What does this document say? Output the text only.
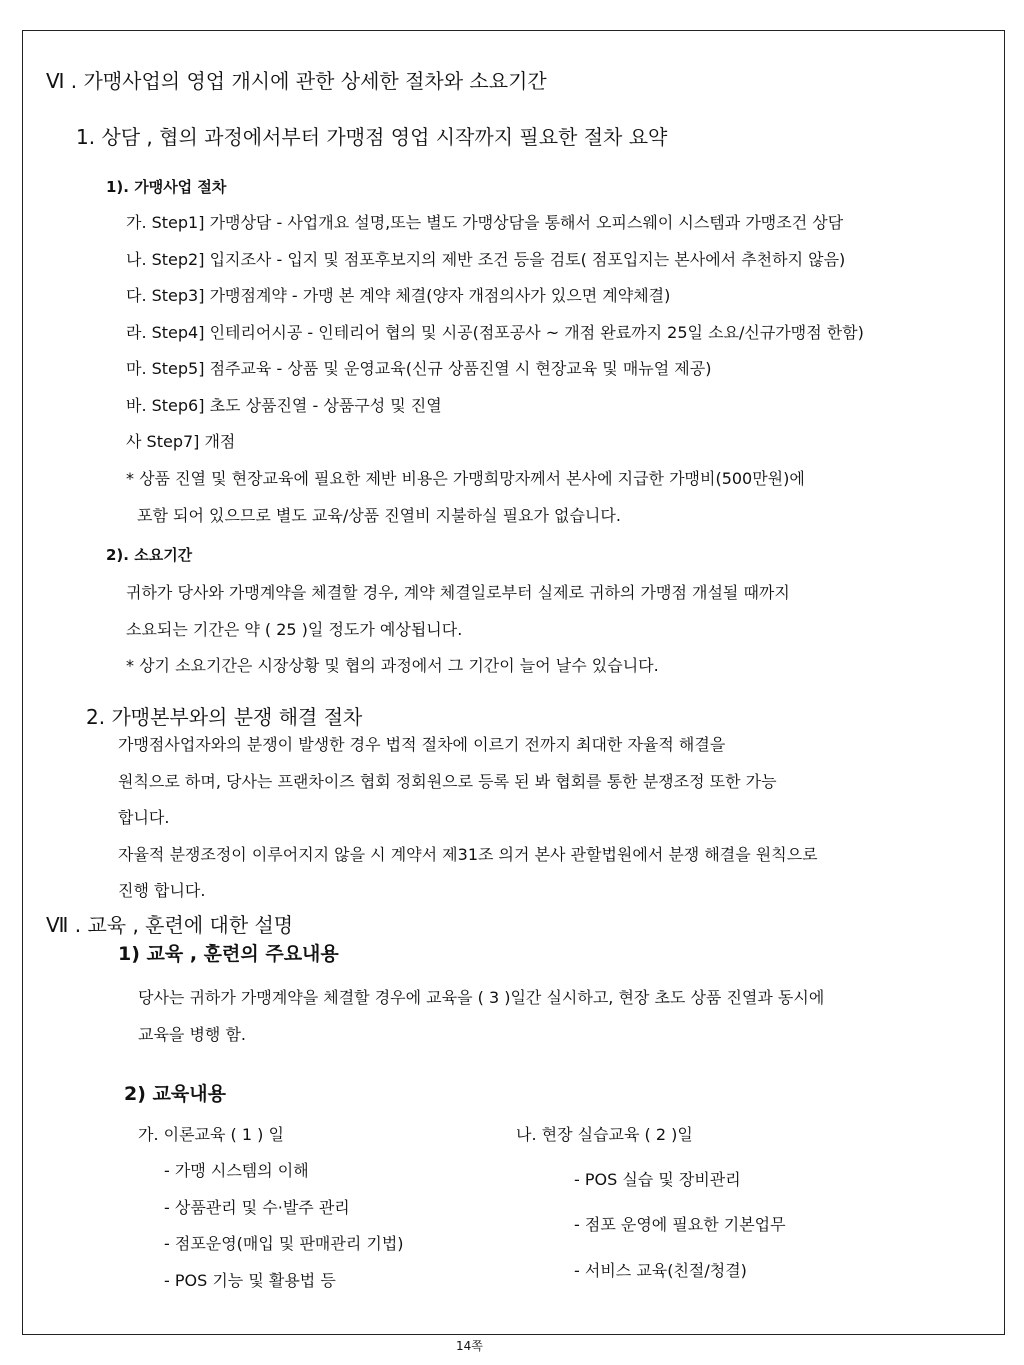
Ⅵ . 가맹사업의 영업 개시에 관한 상세한 절차와 소요기간
1. 상담 , 협의 과정에서부터 가맹점 영업 시작까지 필요한 절차 요약
1). 가맹사업 절차
가. Step1] 가맹상담 - 사업개요 설명,또는 별도 가맹상담을 통해서 오피스웨이 시스템과 가맹조건 상담
나. Step2] 입지조사 - 입지 및 점포후보지의 제반 조건 등을 검토( 점포입지는 본사에서 추천하지 않음)
다. Step3] 가맹점계약 - 가맹 본 계약 체결(양자 개점의사가 있으면 계약체결)
라. Step4] 인테리어시공 - 인테리어 협의 및 시공(점포공사 ~ 개점 완료까지 25일 소요/신규가맹점 한함)
마. Step5] 점주교육 - 상품 및 운영교육(신규 상품진열 시 현장교육 및 매뉴얼 제공)
바. Step6] 초도 상품진열 - 상품구성 및 진열
사 Step7] 개점
* 상품 진열 및 현장교육에 필요한 제반 비용은 가맹희망자께서 본사에 지급한 가맹비(500만원)에
포함 되어 있으므로 별도 교육/상품 진열비 지불하실 필요가 없습니다.
2). 소요기간
귀하가 당사와 가맹계약을 체결할 경우, 계약 체결일로부터 실제로 귀하의 가맹점 개설될 때까지
소요되는 기간은 약 ( 25 )일 정도가 예상됩니다.
* 상기 소요기간은 시장상황 및 협의 과정에서 그 기간이 늘어 날수 있습니다.
2. 가맹본부와의 분쟁 해결 절차
가맹점사업자와의 분쟁이 발생한 경우 법적 절차에 이르기 전까지 최대한 자율적 해결을
원칙으로 하며, 당사는 프랜차이즈 협회 정회원으로 등록 된 봐 협회를 통한 분쟁조정 또한 가능
합니다.
자율적 분쟁조정이 이루어지지 않을 시 계약서 제31조 의거 본사 관할법원에서 분쟁 해결을 원칙으로
진행 합니다.
Ⅶ . 교육 , 훈련에 대한 설명
1) 교육 , 훈련의 주요내용
당사는 귀하가 가맹계약을 체결할 경우에 교육을 ( 3 )일간 실시하고, 현장 초도 상품 진열과 동시에
교육을 병행 함.
2) 교육내용
가. 이론교육 ( 1 ) 일
- 가맹 시스템의 이해
- 상품관리 및 수·발주 관리
- 점포운영(매입 및 판매관리 기법)
- POS 기능 및 활용법 등
나. 현장 실습교육 ( 2 )일
- POS 실습 및 장비관리
- 점포 운영에 필요한 기본업무
- 서비스 교육(친절/청결)
14쪽
